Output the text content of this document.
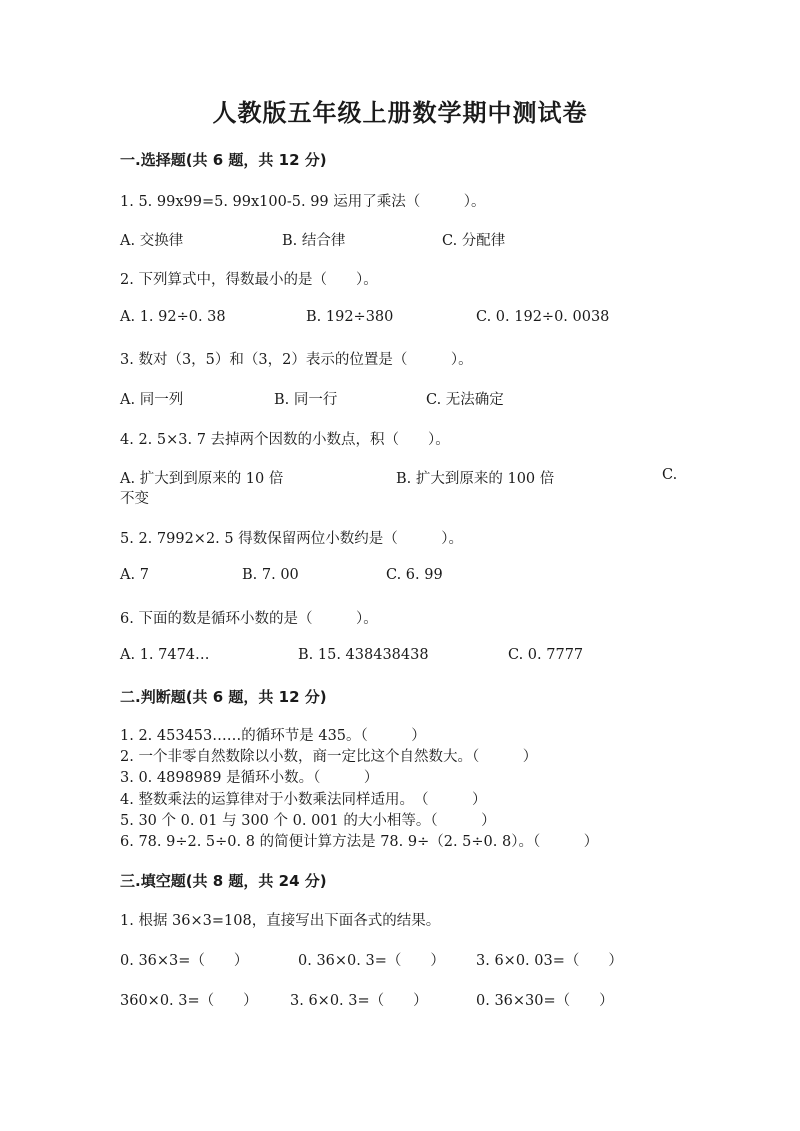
人教版五年级上册数学期中测试卷
一.选择题(共 6 题，共 12 分)
1. 5. 99x99=5. 99x100-5. 99 运用了乘法（　　　）。
A. 交换律	B. 结合律	C. 分配律
2. 下列算式中，得数最小的是（　　）。
A. 1. 92÷0. 38	B. 192÷380	C. 0. 192÷0. 0038
3. 数对（3，5）和（3，2）表示的位置是（　　　）。
A. 同一列	B. 同一行	C. 无法确定
4. 2. 5×3. 7 去掉两个因数的小数点，积（　　）。
A. 扩大到到原来的 10 倍	B. 扩大到原来的 100 倍	C.
不变
5. 2. 7992×2. 5 得数保留两位小数约是（　　　）。
A. 7	B. 7. 00	C. 6. 99
6. 下面的数是循环小数的是（　　　）。
A. 1. 7474…	B. 15. 438438438	C. 0. 7777
二.判断题(共 6 题，共 12 分)
1. 2. 453453……的循环节是 435。（　　　）
2. 一个非零自然数除以小数，商一定比这个自然数大。（　　　）
3. 0. 4898989 是循环小数。（　　　）
4. 整数乘法的运算律对于小数乘法同样适用。　（　　　）
5. 30 个 0. 01 与 300 个 0. 001 的大小相等。（　　　）
6. 78. 9÷2. 5÷0. 8 的简便计算方法是 78. 9÷（2. 5÷0. 8）。（　　　）
三.填空题(共 8 题，共 24 分)
1. 根据 36×3=108，直接写出下面各式的结果。
0. 36×3=（　　）	0. 36×0. 3=（　　） 3. 6×0. 03=（　　）
360×0. 3=（　　） 3. 6×0. 3=（　　）	0. 36×30=（　　）
